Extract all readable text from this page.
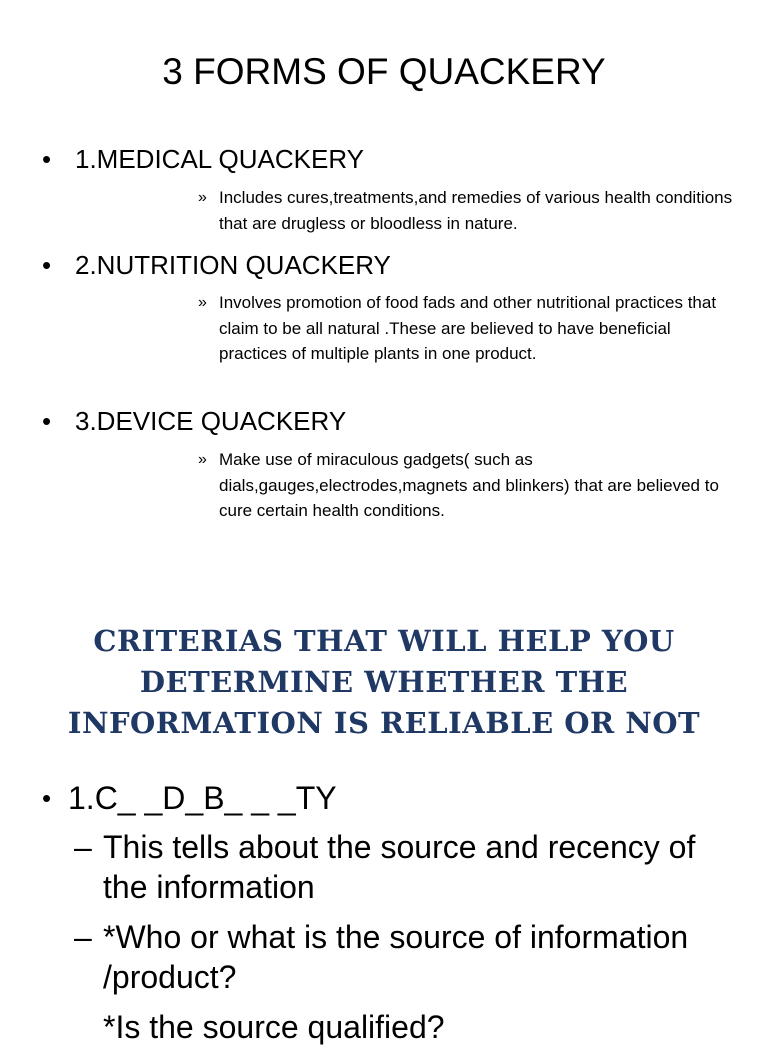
3 FORMS OF QUACKERY
• 1.MEDICAL QUACKERY
» Includes cures,treatments,and remedies of various health conditions that are drugless or bloodless in nature.

• 2.NUTRITION QUACKERY
» Involves promotion of food fads and other nutritional practices that claim to be all natural .These are believed to have beneficial practices of multiple plants in one product.

• 3.DEVICE QUACKERY
» Make use of miraculous gadgets( such as dials,gauges,electrodes,magnets and blinkers) that are believed to cure certain health conditions.

CRITERIAS THAT WILL HELP YOU DETERMINE WHETHER THE INFORMATION IS RELIABLE OR NOT
• 1.C_ _D_B_ _ _TY
– This tells about the source and recency of the information

– *Who or what is the source of information /product?

*Is the source qualified?
